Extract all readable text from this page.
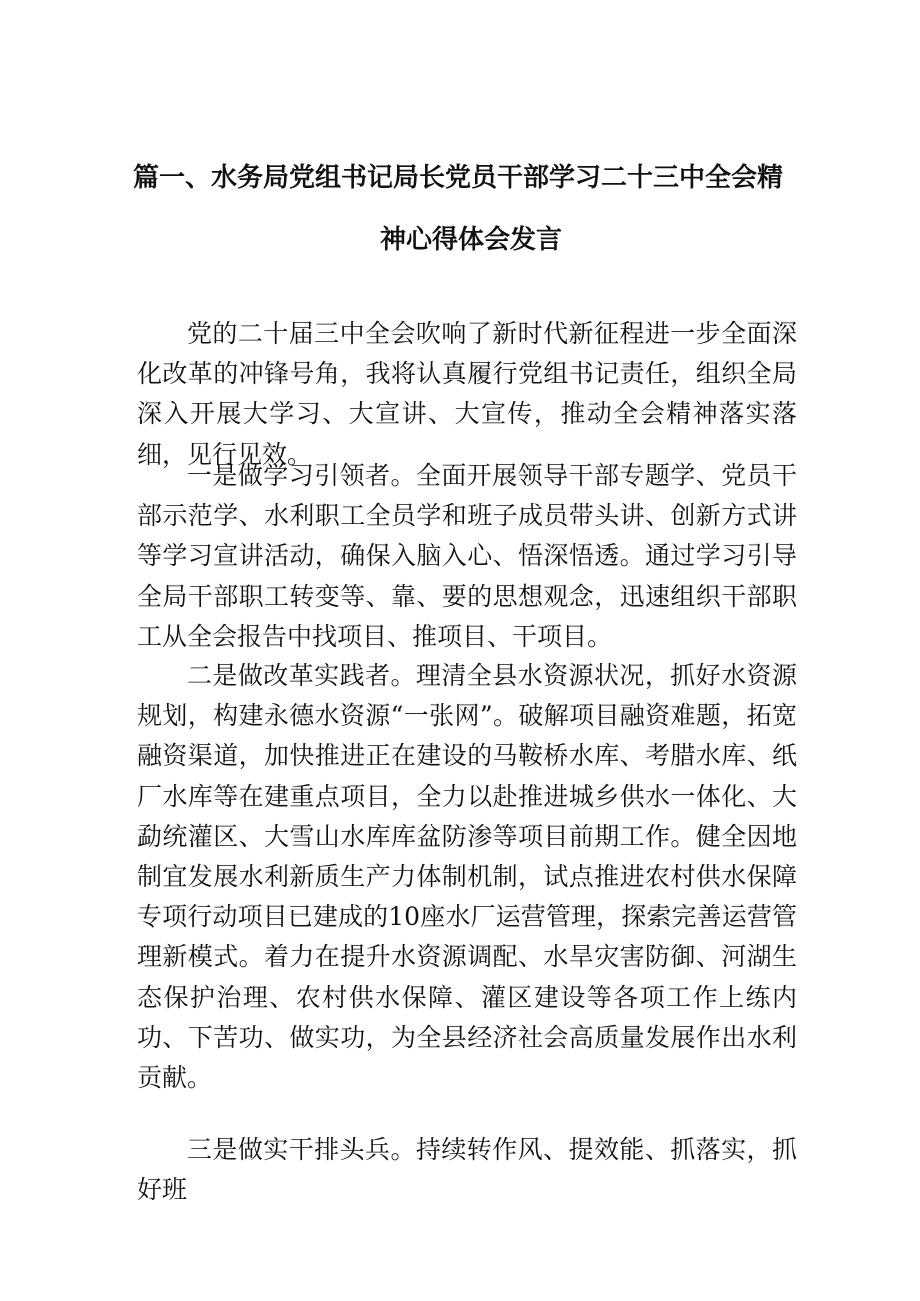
篇一、水务局党组书记局长党员干部学习二十三中全会精
神心得体会发言

党的二十届三中全会吹响了新时代新征程进一步全面深化改革的冲锋号角，我将认真履行党组书记责任，组织全局深入开展大学习、大宣讲、大宣传，推动全会精神落实落细，见行见效。

一是做学习引领者。全面开展领导干部专题学、党员干部示范学、水利职工全员学和班子成员带头讲、创新方式讲等学习宣讲活动，确保入脑入心、悟深悟透。通过学习引导全局干部职工转变等、靠、要的思想观念，迅速组织干部职工从全会报告中找项目、推项目、干项目。

二是做改革实践者。理清全县水资源状况，抓好水资源规划，构建永德水资源“一张网”。破解项目融资难题，拓宽融资渠道，加快推进正在建设的马鞍桥水库、考腊水库、纸厂水库等在建重点项目，全力以赴推进城乡供水一体化、大勐统灌区、大雪山水库库盆防渗等项目前期工作。健全因地制宜发展水利新质生产力体制机制，试点推进农村供水保障专项行动项目已建成的10座水厂运营管理，探索完善运营管理新模式。着力在提升水资源调配、水旱灾害防御、河湖生态保护治理、农村供水保障、灌区建设等各项工作上练内功、下苦功、做实功，为全县经济社会高质量发展作出水利贡献。

三是做实干排头兵。持续转作风、提效能、抓落实，抓好班
